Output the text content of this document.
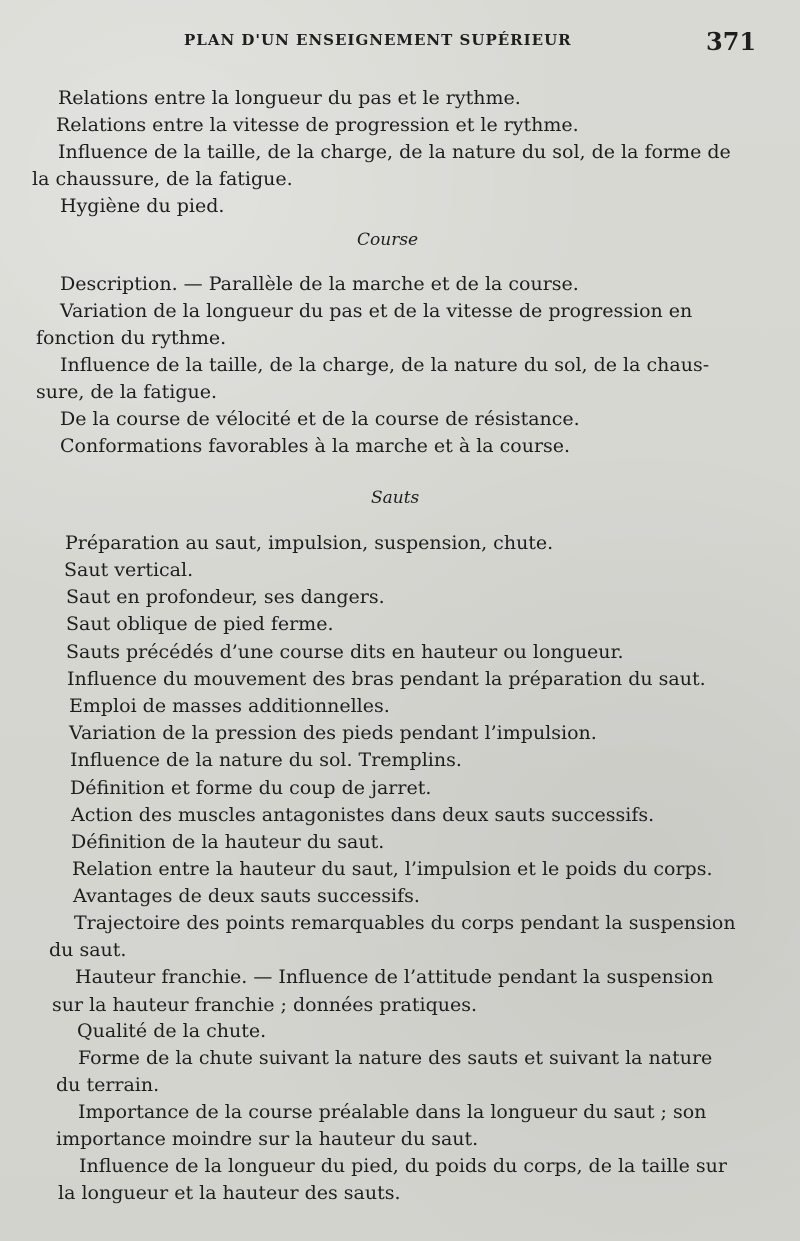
PLAN D'UN ENSEIGNEMENT SUPÉRIEUR	371
Relations entre la longueur du pas et le rythme.
Relations entre la vitesse de progression et le rythme.
Influence de la taille, de la charge, de la nature du sol, de la forme de
la chaussure, de la fatigue.
Hygiène du pied.
Course
Description. — Parallèle de la marche et de la course.
Variation de la longueur du pas et de la vitesse de progression en
fonction du rythme.
Influence de la taille, de la charge, de la nature du sol, de la chaus-
sure, de la fatigue.
De la course de vélocité et de la course de résistance.
Conformations favorables à la marche et à la course.
Sauts
Préparation au saut, impulsion, suspension, chute.
Saut vertical.
Saut en profondeur, ses dangers.
Saut oblique de pied ferme.
Sauts précédés d’une course dits en hauteur ou longueur.
Influence du mouvement des bras pendant la préparation du saut.
Emploi de masses additionnelles.
Variation de la pression des pieds pendant l’impulsion.
Influence de la nature du sol. Tremplins.
Définition et forme du coup de jarret.
Action des muscles antagonistes dans deux sauts successifs.
Définition de la hauteur du saut.
Relation entre la hauteur du saut, l’impulsion et le poids du corps.
Avantages de deux sauts successifs.
Trajectoire des points remarquables du corps pendant la suspension
du saut.
Hauteur franchie. — Influence de l’attitude pendant la suspension
sur la hauteur franchie ; données pratiques.
Qualité de la chute.
Forme de la chute suivant la nature des sauts et suivant la nature
du terrain.
Importance de la course préalable dans la longueur du saut ; son
importance moindre sur la hauteur du saut.
Influence de la longueur du pied, du poids du corps, de la taille sur
la longueur et la hauteur des sauts.
